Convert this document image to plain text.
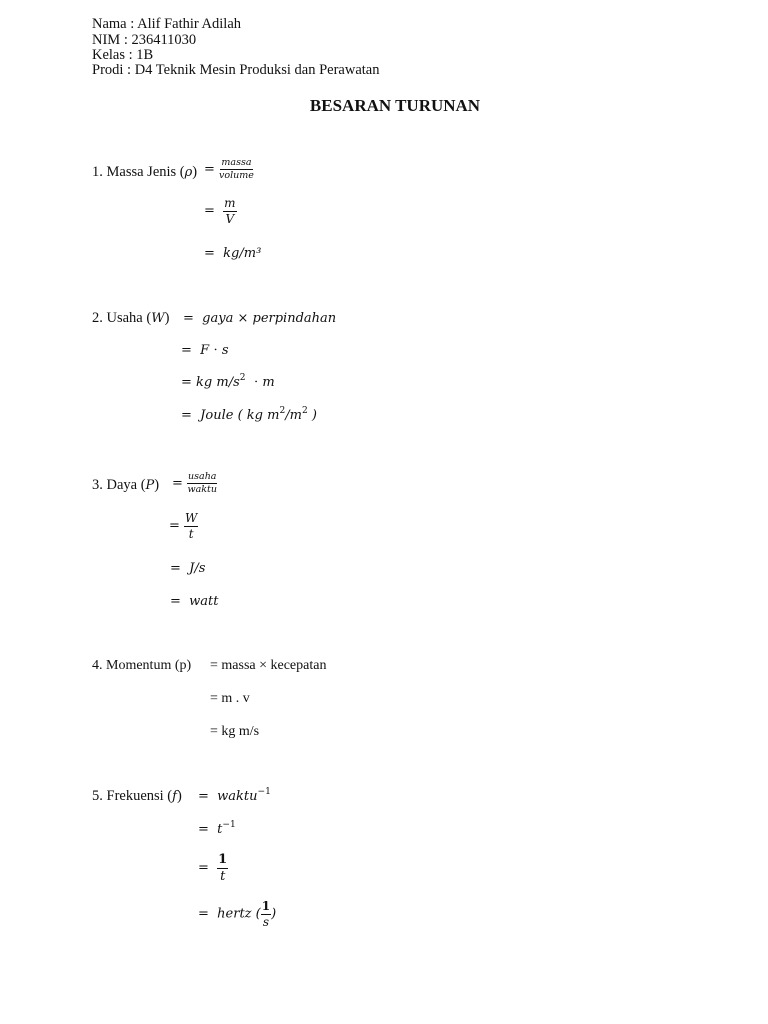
Nama : Alif Fathir Adilah
NIM : 236411030
Kelas : 1B
Prodi : D4 Teknik Mesin Produksi dan Perawatan
BESARAN TURUNAN
1. Massa Jenis $(\rho) = \frac{\text{massa}}{\text{volume}}$
= $\frac{m}{V}$
=  kg/m³
2. Usaha (W) =  gaya × perpindahan
=  F ⋅ s
= kg $m/s^2 \cdot m$
=  Joule ( kg $m^2/m^2$ )
3. Daya $(P) = \frac{\text{usaha}}{\text{waktu}}$
= $\frac{W}{t}$
=  J/s
=  watt
4. Momentum (p) = massa × kecepatan
= m . v
= kg m/s
5. Frekuensi (f) =  waktu$^{-1}$
=  $t^{-1}$
= $\frac{1}{t}$
=  hertz ( $\frac{1}{s}$ )
